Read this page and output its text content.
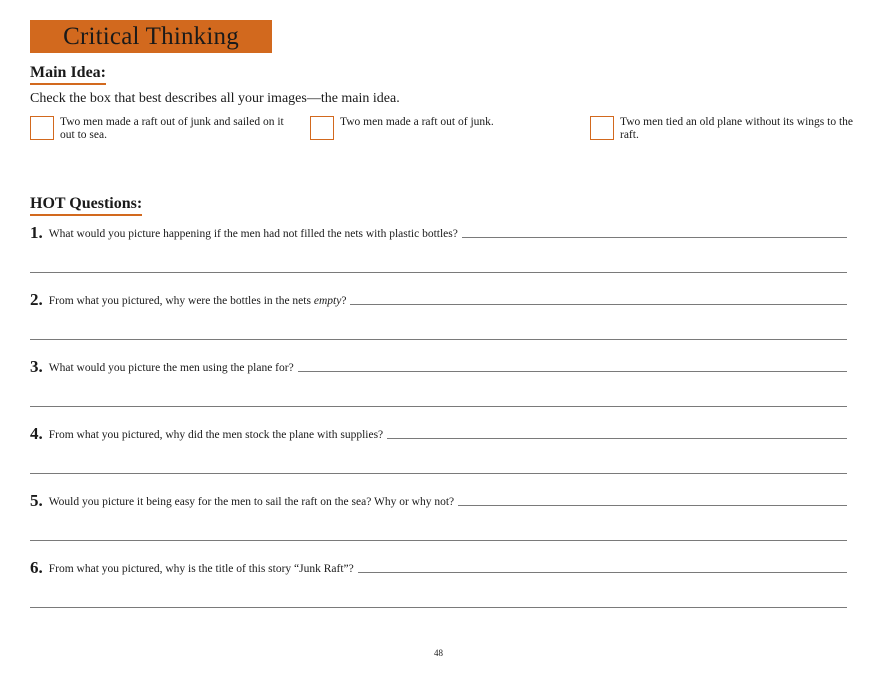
Critical Thinking
Main Idea:
Check the box that best describes all your images—the main idea.
Two men made a raft out of junk and sailed on it out to sea.
Two men made a raft out of junk.	Two men tied an old plane without its wings to the raft.
HOT Questions:
1. What would you picture happening if the men had not filled the nets with plastic bottles?
2. From what you pictured, why were the bottles in the nets empty?
3. What would you picture the men using the plane for?
4. From what you pictured, why did the men stock the plane with supplies?
5. Would you picture it being easy for the men to sail the raft on the sea? Why or why not?
6. From what you pictured, why is the title of this story “Junk Raft”?
48
